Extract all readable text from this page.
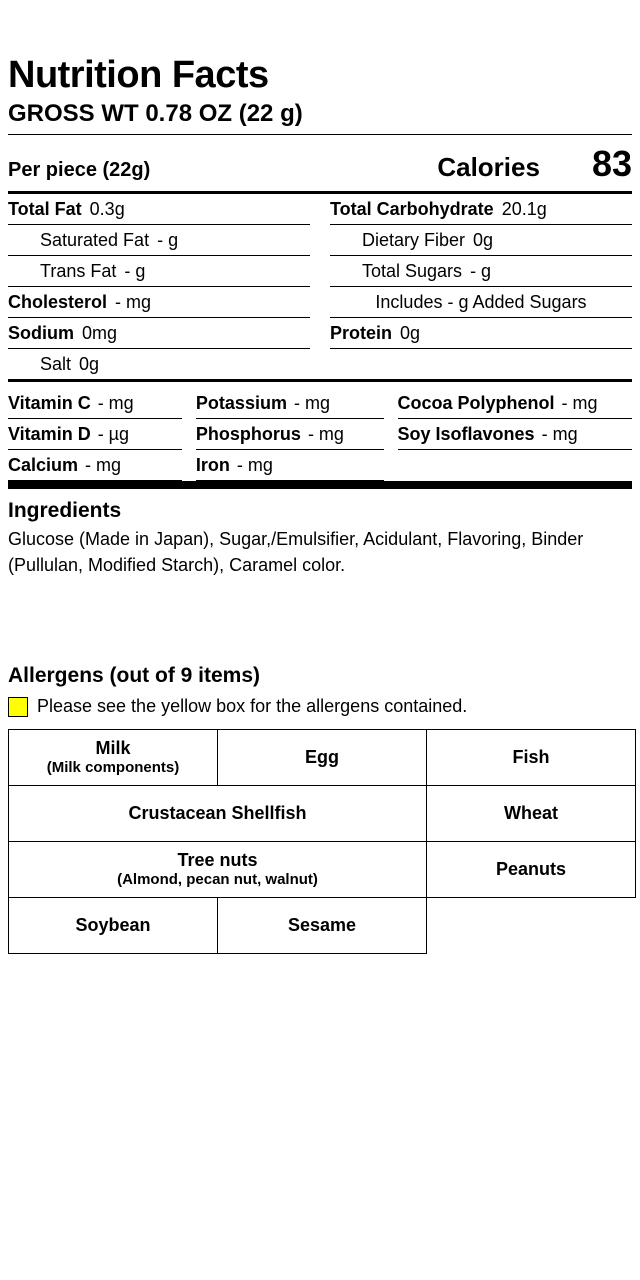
Nutrition Facts
GROSS WT 0.78 OZ (22 g)
Per piece (22g)	Calories 83
Total Fat 0.3g
Saturated Fat - g
Trans Fat - g
Cholesterol - mg
Sodium 0mg
Salt 0g
Total Carbohydrate 20.1g
Dietary Fiber 0g
Total Sugars - g
Includes - g Added Sugars
Protein 0g

Vitamin C - mg	Potassium - mg	Cocoa Polyphenol - mg
Vitamin D - µg	Phosphorus - mg	Soy Isoflavones - mg
Calcium - mg	Iron - mg
Ingredients

Glucose (Made in Japan), Sugar,/Emulsifier, Acidulant, Flavoring, Binder (Pullulan, Modified Starch), Caramel color.

Allergens (out of 9 items)
Please see the yellow box for the allergens contained.
Milk
(Milk components)	Egg	Fish
Crustacean Shellfish		Wheat
Tree nuts
(Almond, pecan nut, walnut)		Peanuts
Soybean	Sesame	
